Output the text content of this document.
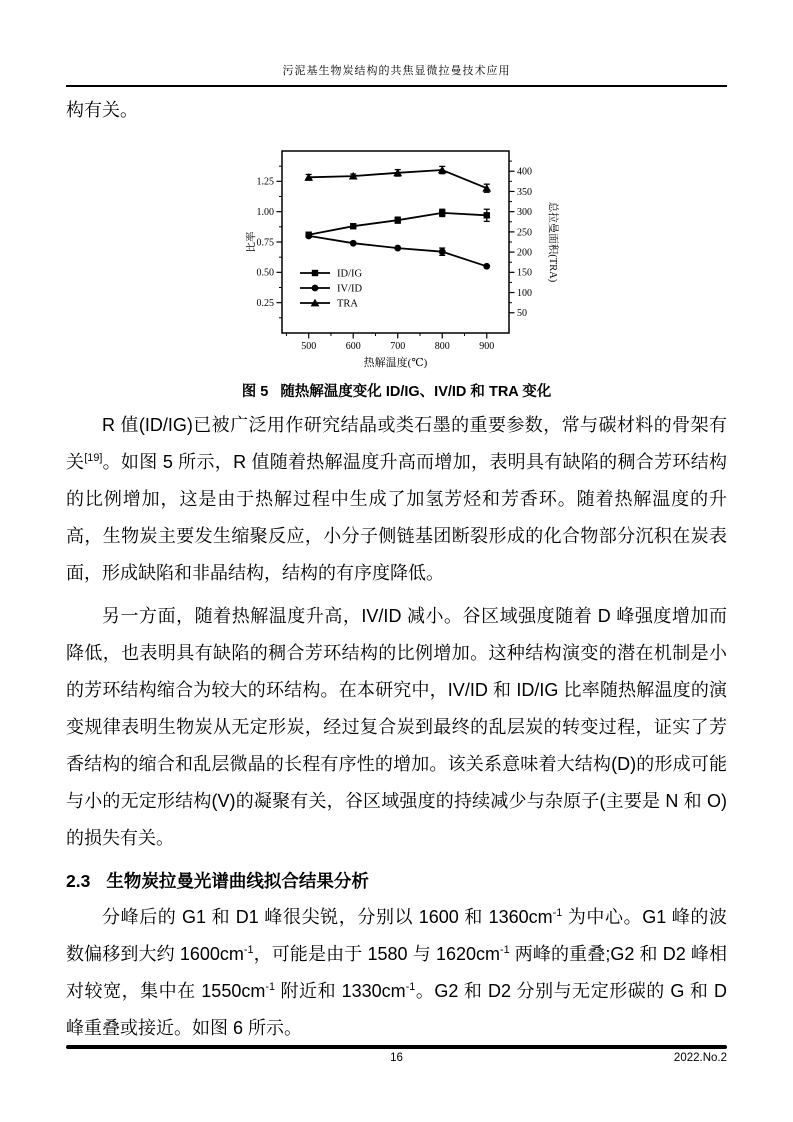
污泥基生物炭结构的共焦显微拉曼技术应用

构有关。

0.25
0.50
0.75
1.00
1.25
50
100
150
200
250
300
350
400
500	600	700	800	900
比率	总拉曼面积(TRA)
热解温度(℃)
ID/IG
IV/ID
TRA
图 5 随热解温度变化 ID/IG、IV/ID 和 TRA 变化

R 值(ID/IG)已被广泛用作研究结晶或类石墨的重要参数，常与碳材料的骨架有关[19]。如图 5 所示，R 值随着热解温度升高而增加，表明具有缺陷的稠合芳环结构的比例增加，这是由于热解过程中生成了加氢芳烃和芳香环。随着热解温度的升高，生物炭主要发生缩聚反应，小分子侧链基团断裂形成的化合物部分沉积在炭表面，形成缺陷和非晶结构，结构的有序度降低。

另一方面，随着热解温度升高，IV/ID 减小。谷区域强度随着 D 峰强度增加而降低，也表明具有缺陷的稠合芳环结构的比例增加。这种结构演变的潜在机制是小的芳环结构缩合为较大的环结构。在本研究中，IV/ID 和 ID/IG 比率随热解温度的演变规律表明生物炭从无定形炭，经过复合炭到最终的乱层炭的转变过程，证实了芳香结构的缩合和乱层微晶的长程有序性的增加。该关系意味着大结构(D)的形成可能与小的无定形结构(V)的凝聚有关，谷区域强度的持续减少与杂原子(主要是 N 和 O)的损失有关。

2.3 生物炭拉曼光谱曲线拟合结果分析

分峰后的 G1 和 D1 峰很尖锐，分别以 1600 和 $1360cm^{-1}$ 为中心。G1 峰的波数偏移到大约 $1600cm^{-1}$，可能是由于 1580 与 $1620cm^{-1}$ 两峰的重叠;G2 和 D2 峰相对较宽，集中在 $1550cm^{-1}$ 附近和 $1330cm^{-1}$。G2 和 D2 分别与无定形碳的 G 和 D 峰重叠或接近。如图 6 所示。

16	2022.No.2
